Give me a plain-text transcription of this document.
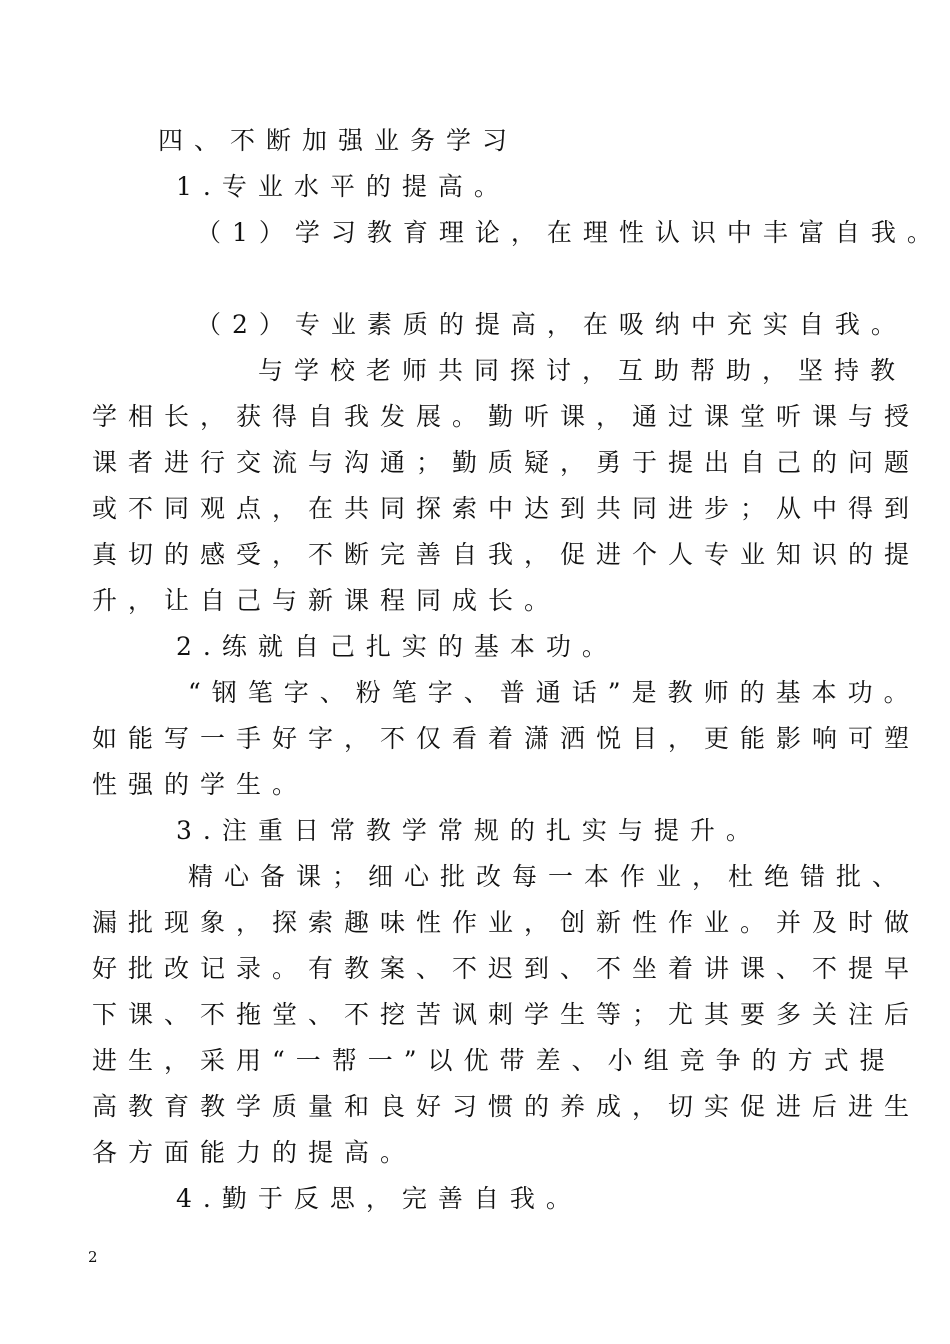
四、不断加强业务学习
1.专业水平的提高。
（1）学习教育理论，在理性认识中丰富自我。
（2）专业素质的提高，在吸纳中充实自我。
与学校老师共同探讨，互助帮助，坚持教
学相长，获得自我发展。勤听课，通过课堂听课与授
课者进行交流与沟通；勤质疑，勇于提出自己的问题
或不同观点，在共同探索中达到共同进步；从中得到
真切的感受，不断完善自我，促进个人专业知识的提
升，让自己与新课程同成长。
2.练就自己扎实的基本功。
“钢笔字、粉笔字、普通话”是教师的基本功。
如能写一手好字，不仅看着潇洒悦目，更能影响可塑
性强的学生。
3.注重日常教学常规的扎实与提升。
精心备课；细心批改每一本作业，杜绝错批、
漏批现象，探索趣味性作业，创新性作业。并及时做
好批改记录。有教案、不迟到、不坐着讲课、不提早
下课、不拖堂、不挖苦讽刺学生等；尤其要多关注后
进生，采用“一帮一”以优带差、小组竞争的方式提
高教育教学质量和良好习惯的养成，切实促进后进生
各方面能力的提高。
4.勤于反思，完善自我。
2
